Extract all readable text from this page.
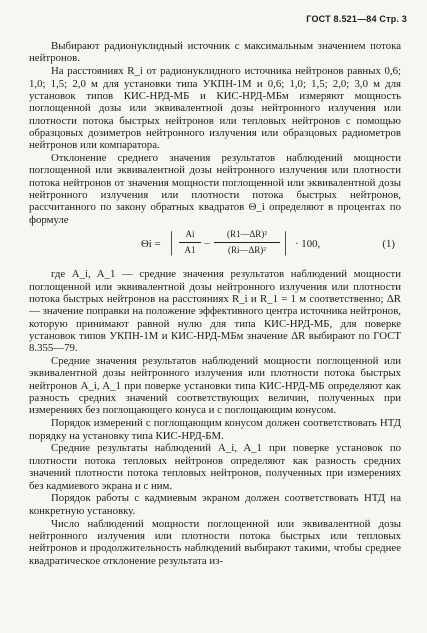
ГОСТ 8.521—84 Стр. 3

Выбирают радионуклидный источник с максимальным значением потока нейтронов.

На расстояниях R_i от радионуклидного источника нейтронов равных 0,6; 1,0; 1,5; 2,0 м для установки типа УКПН-1М и 0,6; 1,0; 1,5; 2,0; 3,0 м для установок типов КИС-НРД-МБ и КИС-НРД-МБм измеряют мощность поглощенной дозы или эквивалентной дозы нейтронного излучения или плотности потока быстрых нейтронов или тепловых нейтронов с помощью образцовых дозиметров нейтронного излучения или образцовых радиометров нейтронов или компаратора.

Отклонение среднего значения результатов наблюдений мощности поглощенной или эквивалентной дозы нейтронного излучения или плотности потока нейтронов от значения мощности поглощенной или эквивалентной дозы нейтронного излучения или плотности потока быстрых нейтронов, рассчитанного по закону обратных квадратов Θ_i определяют в процентах по формуле

Θi = |	Ai
A1 −
(R1—ΔR)²
(Ri—ΔR)² | · 100,	(1)

где A_i, A_1 — средние значения результатов наблюдений мощности поглощенной или эквивалентной дозы нейтронного излучения или плотности потока быстрых нейтронов на расстояниях R_i и R_1 = 1 м соответственно; ΔR — значение поправки на положение эффективного центра источника нейтронов, которую принимают равной нулю для типа КИС-НРД-МБ, для поверке установок типов УКПН-1М и КИС-НРД-МБм значение ΔR выбирают по ГОСТ 8.355—79.

Средние значения результатов наблюдений мощности поглощенной или эквивалентной дозы нейтронного излучения или плотности потока быстрых нейтронов A_i, A_1 при поверке установки типа КИС-НРД-МБ определяют как разность средних значений соответствующих величин, полученных при измерениях без поглощающего конуса и с поглощающим конусом.

Порядок измерений с поглощающим конусом должен соответствовать НТД порядку на установку типа КИС-НРД-БМ.

Средние результаты наблюдений A_i, A_1 при поверке установок по плотности потока тепловых нейтронов определяют как разность средних значений плотности потока тепловых нейтронов, полученных при измерениях без кадмиевого экрана и с ним.

Порядок работы с кадмиевым экраном должен соответствовать НТД на конкретную установку.

Число наблюдений мощности поглощенной или эквивалентной дозы нейтронного излучения или плотности потока быстрых или тепловых нейтронов и продолжительность наблюдений выбирают такими, чтобы среднее квадратическое отклонение результата из-
